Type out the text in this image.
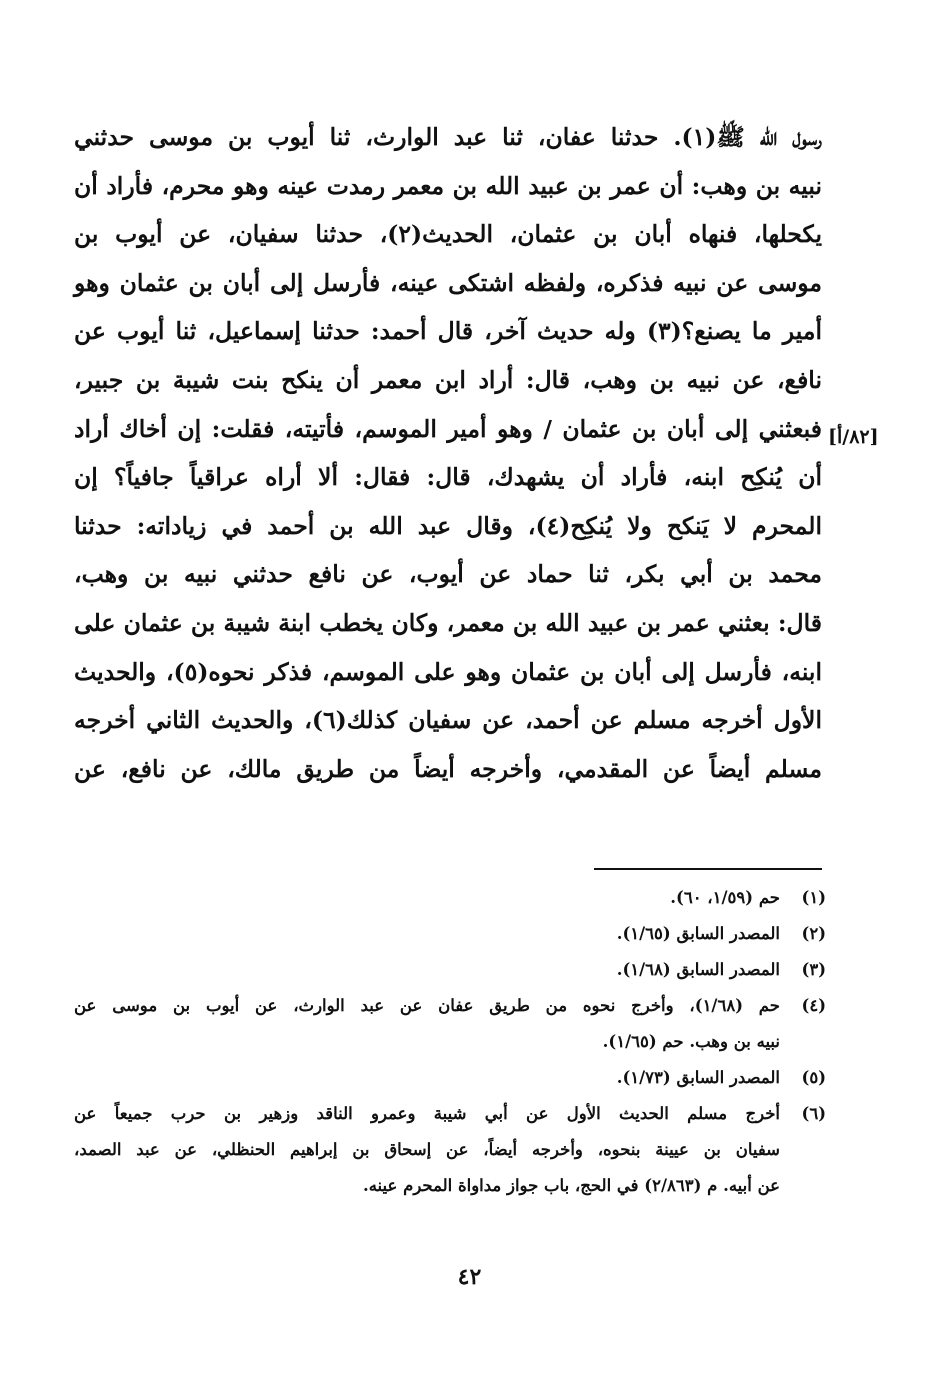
رسول الله ﷺ(١). حدثنا عفان، ثنا عبد الوارث، ثنا أيوب بن موسى حدثني
نبيه بن وهب: أن عمر بن عبيد الله بن معمر رمدت عينه وهو محرم، فأراد أن
يكحلها، فنهاه أبان بن عثمان، الحديث(٢)، حدثنا سفيان، عن أيوب بن
موسى عن نبيه فذكره، ولفظه اشتكى عينه، فأرسل إلى أبان بن عثمان وهو
أمير ما يصنع؟(٣) وله حديث آخر، قال أحمد: حدثنا إسماعيل، ثنا أيوب عن
نافع، عن نبيه بن وهب، قال: أراد ابن معمر أن ينكح بنت شيبة بن جبير،
فبعثني إلى أبان بن عثمان / وهو أمير الموسم، فأتيته، فقلت: إن أخاك أراد
أن يُنكِح ابنه، فأراد أن يشهدك، قال: فقال: ألا أراه عراقياً جافياً؟ إن
المحرم لا يَنكح ولا يُنكِح(٤)، وقال عبد الله بن أحمد في زياداته: حدثنا
محمد بن أبي بكر، ثنا حماد عن أيوب، عن نافع حدثني نبيه بن وهب،
قال: بعثني عمر بن عبيد الله بن معمر، وكان يخطب ابنة شيبة بن عثمان على
ابنه، فأرسل إلى أبان بن عثمان وهو على الموسم، فذكر نحوه(٥)، والحديث
الأول أخرجه مسلم عن أحمد، عن سفيان كذلك(٦)، والحديث الثاني أخرجه
مسلم أيضاً عن المقدمي، وأخرجه أيضاً من طريق مالك، عن نافع، عن
[٨٢/أ]
(١)
حم (١/٥٩، ٦٠).
(٢)
المصدر السابق (١/٦٥).
(٣)
المصدر السابق (١/٦٨).
(٤)
حم (١/٦٨)، وأخرج نحوه من طريق عفان عن عبد الوارث، عن أيوب بن موسى عن
نبيه بن وهب. حم (١/٦٥).
(٥)
المصدر السابق (١/٧٣).
(٦)
أخرج مسلم الحديث الأول عن أبي شيبة وعمرو الناقد وزهير بن حرب جميعاً عن
سفيان بن عيينة بنحوه، وأخرجه أيضاً، عن إسحاق بن إبراهيم الحنظلي، عن عبد الصمد،
عن أبيه. م (٢/٨٦٣) في الحج، باب جواز مداواة المحرم عينه.
٤٢
